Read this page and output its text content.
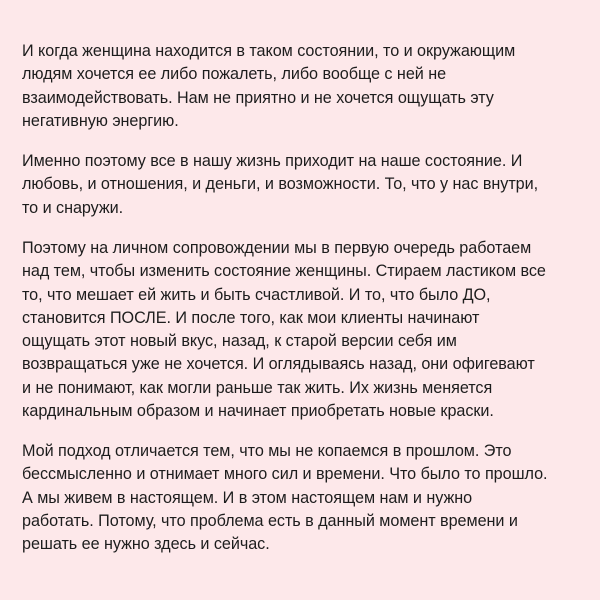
И когда женщина находится в таком состоянии, то и окружающим
людям хочется ее либо пожалеть, либо вообще с ней не
взаимодействовать. Нам не приятно и не хочется ощущать эту
негативную энергию.

Именно поэтому все в нашу жизнь приходит на наше состояние. И
любовь, и отношения, и деньги, и возможности. То, что у нас внутри,
то и снаружи.

Поэтому на личном сопровождении мы в первую очередь работаем
над тем, чтобы изменить состояние женщины. Стираем ластиком все
то, что мешает ей жить и быть счастливой. И то, что было ДО,
становится ПОСЛЕ. И после того, как мои клиенты начинают
ощущать этот новый вкус, назад, к старой версии себя им
возвращаться уже не хочется. И оглядываясь назад, они офигевают
и не понимают, как могли раньше так жить. Их жизнь меняется
кардинальным образом и начинает приобретать новые краски.

Мой подход отличается тем, что мы не копаемся в прошлом. Это
бессмысленно и отнимает много сил и времени. Что было то прошло.
А мы живем в настоящем. И в этом настоящем нам и нужно
работать. Потому, что проблема есть в данный момент времени и
решать ее нужно здесь и сейчас.
